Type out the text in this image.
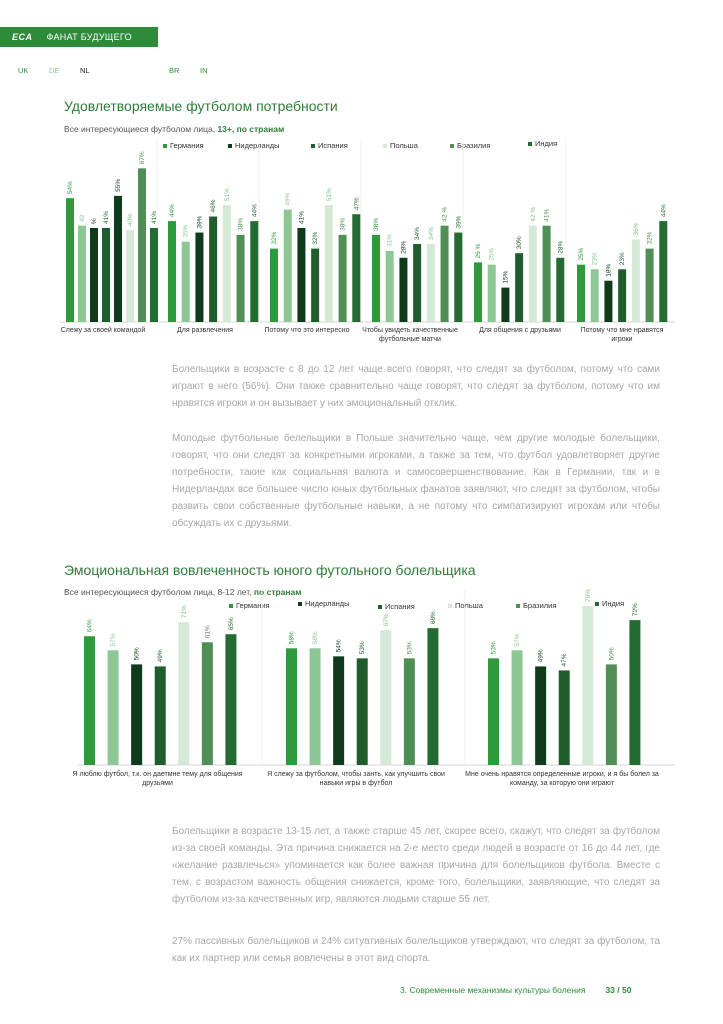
ECA ФАНАТ БУДУЩЕГО
UK	DE	NL	BR	IN
Удовлетворяемые футболом потребности
Все интересующиеся футболом лица, 13+, по странам
Германия	Нидерланды	Испания	Польша	Бразилия	Индия
54%
42 % 41%
55%
40%
67%
41%
44%
35%
39%
46%
51%
38%
44%
32%
49%
41%
32%
51%
38%
47%
38%
31%
28%
34% 34%
42 %
39%
26 % 25%
15%
30%
42 % 41%
28%
25% 23%
18%
23%
36%
32%
44%
Слежу за своей командой	Для развлечения	Потому что это интересно	Чтобы увидеть качественные футбольные матчи
Для общения с друзьями	Потому что мне нравятся игроки
Болельщики в возрасте с 8 до 12 лет чаще всего говорят, что следят за футболом, потому что сами играют в него (56%). Они также сравнительно чаще говорят, что следят за футболом, потому что им нравятся игроки и он вызывает у них эмоциональный отклик.
Молодые футбольные белельщики в Польше значительно чаще, чем другие молодые болельщики, говорят, что они следят за конкретными игроками, а также за тем, что футбол удовлетворяет другие потребности, такие как социальная валюта и самосовершенствование. Как в Германии, так и в Нидерландах все большее число юных футбольных фанатов заявляют, что следят за футболом, чтобы развить свои собственные футбольные навыки, а не потому что симпатизируют игрокам или чтобы обсуждать их с друзьями.
Эмоциональная вовлеченность юного футольного болельщика
Все интересующиеся футболом лица, 8-12 лет, по странам
Германия	Нидерланды	Испания	Польша	Бразилия	Индия
64%
57%
50%	49%
71%
61%
65%
58%	58%
54%	53%
67%
53%
68%
53%
57%
49%	47%
79%
50%
72%
Я люблю футбол, т.к. он даетмне тему для общения друзьями
Я слежу за футболом, чтобы занть, как улучшить свои навыки игры в футбол
Мне очень нравятся определенные игроки, и я бы болел за команду, за которую они играют
Болельщики в возрасте 13-15 лет, а также старше 45 лет, скорее всего, скажут, что следят за футболом из-за своей команды. Эта причина снижается на 2-е место среди людей в возрасте от 16 до 44 лет, где «желание развлечься» упоминается как более важная причина для болельщиков футбола. Вместе с тем, с возрастом важность общения снижается, кроме того, болельщики, заявляющие, что следят за футболом из-за качественных игр, являются людьми старше 55 лет.
27% пассивных болельщиков и 24% ситуативных болельщиков утверждают, что следят за футболом, та как их партнер или семья вовлечены в этот вид спорта.
3. Современные механизмы культуры боления 33 / 50
